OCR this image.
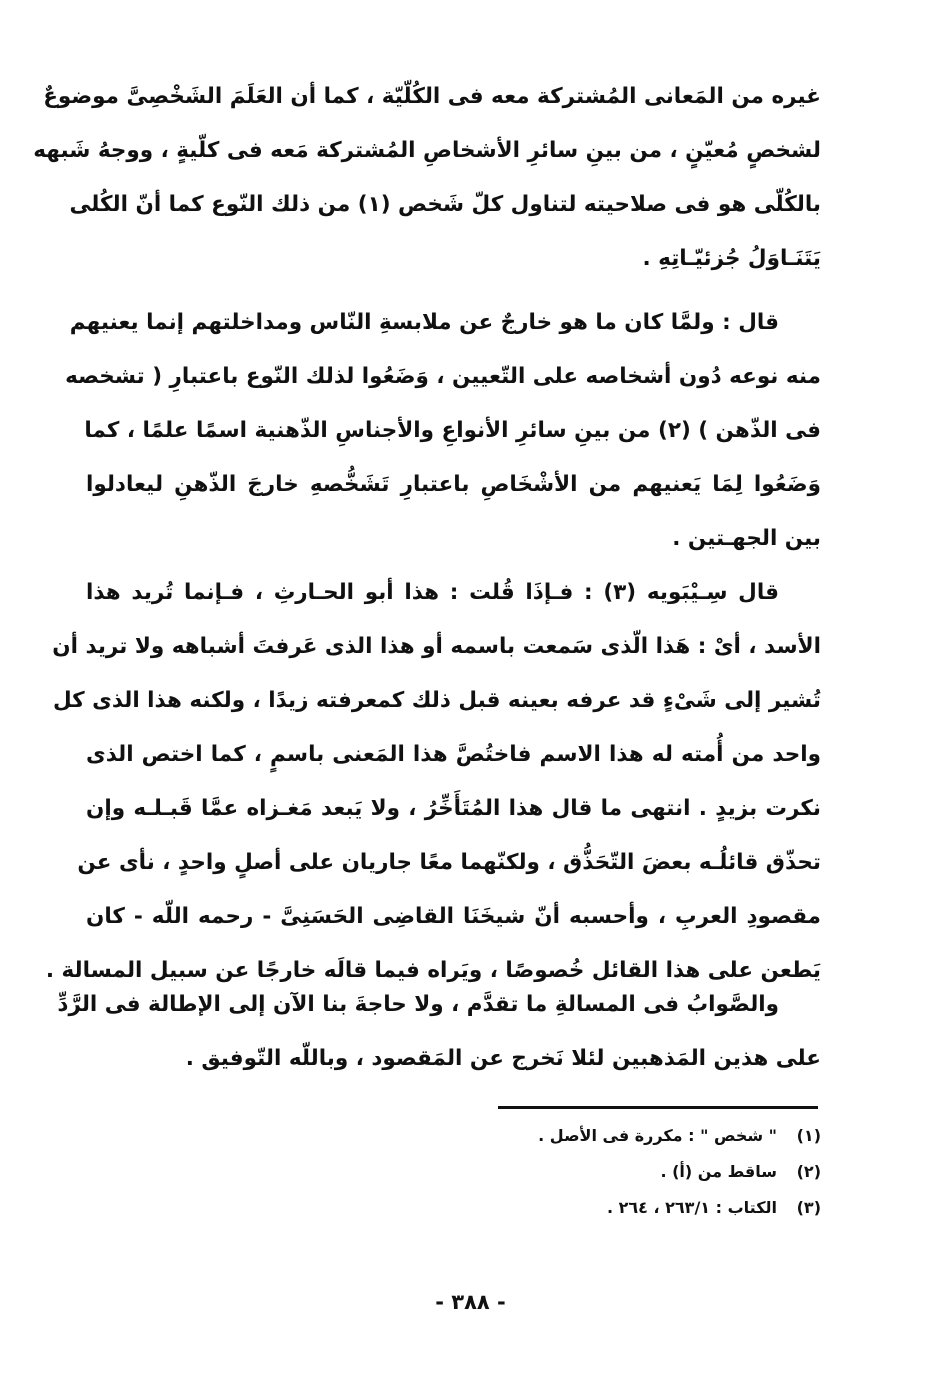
غيره من المَعانى المُشتركة معه فى الكُلّيّة ، كما أن العَلَمَ الشَخْصِىَّ موضوعٌ
لشخصٍ مُعيّنٍ ، من بينِ سائرِ الأشخاصِ المُشتركة مَعه فى كلّيةٍ ، ووجهُ شَبهه
بالكُلّى هو فى صلاحيته لتناول كلّ شَخص (١) من ذلك النّوع كما أنّ الكُلى
يَتَنَـاوَلُ جُزئيّـاتِهِ .
قال : ولمَّا كان ما هو خارجٌ عن ملابسةِ النّاس ومداخلتهم إنما يعنيهم
منه نوعه دُون أشخاصه على التّعيين ، وَضَعُوا لذلك النّوع باعتبارِ ( تشخصه
فى الذّهن ) (٢) من بينِ سائرِ الأنواعِ والأجناسِ الذّهنية اسمًا علمًا ، كما
وَضَعُوا لِمَا يَعنيهم من الأشْخَاصِ باعتبارِ تَشَخُّصهِ خارجَ الذّهنِ ليعادلوا
بين الجهـتين .
قال سِـيْبَويه (٣) : فـإذَا قُلت : هذا أبو الحـارثِ ، فـإنما تُريد هذا
الأسد ، أىْ : هَذا الّذى سَمعت باسمه أو هذا الذى عَرفتَ أشباهه ولا تريد أن
تُشير إلى شَىْءٍ قد عرفه بعينه قبل ذلك كمعرفته زيدًا ، ولكنه هذا الذى كل
واحد من أُمته له هذا الاسم فاختُصَّ هذا المَعنى باسمٍ ، كما اختص الذى
نكرت بزيدٍ . انتهى ما قال هذا المُتَأَخِّرُ ، ولا يَبعد مَغـزاه عمَّا قَبـلـه وإن
تحذّق قائلُـه بعضَ التّحَذُّق ، ولكنّهما معًا جاريان على أصلٍ واحدٍ ، نأى عن
مقصودِ العربِ ، وأحسبه أنّ شيخَنَا القاضِى الحَسَنِىَّ - رحمه اللّه - كان
يَطعن على هذا القائل خُصوصًا ، ويَراه فيما قالَه خارجًا عن سبيل المسالة .
والصَّوابُ فى المسالةِ ما تقدَّم ، ولا حاجةَ بنا الآن إلى الإطالة فى الرَّدِّ
على هذين المَذهبين لئلا نَخرج عن المَقصود ، وباللّه التّوفيق .
(١)
" شخص " : مكررة فى الأصل .
(٢)
ساقط من (أ) .
(٣)
الكتاب : ٢٦٣/١ ، ٢٦٤ .
- ٣٨٨ -
